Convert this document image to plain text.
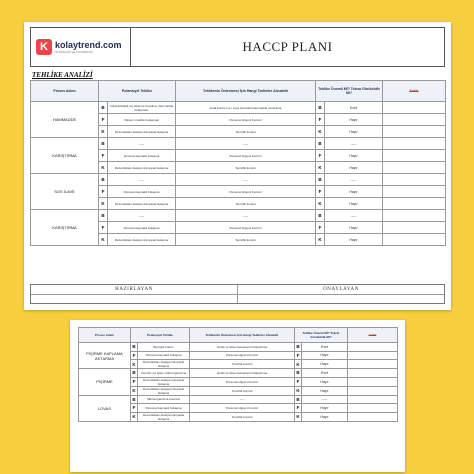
K kolaytrend.com
İŞ SAĞLIĞI VE GÜVENLİĞİ	HACCP PLANI
TEHLİKE ANALİZİ
Proses Adımı	Potansiyel Tehlike		Tehlikenin Önlenmesi İçin Hangi Tedbirler Alınabilir	Tehlike Önemli Mİ? Tekrar Görülebilir Mi?		Kritik
HAMMADDE	B	Yüksek/düşük ısıl etkisi ile bozulma, hammadde bulaşması	Gıda Kontrol ve / veya kontrollü hammadde sındırılma	B	Evet	
	F	Yabancı madde bulaşması	Personel Hijyeni Kontrol	F	Hayır	
	K	Dezenfektan deterjan kimyasal bulaşma	Temizlik kontrol	K	Hayır	
KARIŞTIRMA	B	-----	-----	B	-----	
	F	personel kaynaklı bulaşma	Personel Hijyeni Kontrol	F	Hayır	
	K	Dezenfektan deterjan kimyasal bulaşma	Temizlik kontrol	K	Hayır	
SOS İLAVE	B	-----	-----	B	-----	
	F	Personel kaynaklı bulaşma	Personel Hijyeni Kontrol	F	Hayır	
	K	Dezenfektan deterjan kimyasal bulaşma	Temizlik kontrol	K	Hayır	
KARIŞTIRMA	B	-----	-----	B	-----	
	F	Personel kaynaklı bulaşma	Personel Hijyeni Kontrol	F	Hayır	
	K	Dezenfektan deterjan kimyasal bulaşma	Temizlik kontrol	K	Hayır	
HAZIRLAYAN	ONAYLAYAN
Proses Adımı	Potansiyel Tehlike		Tehlikenin Önlenmesi İçin Hangi Tedbirler Alınabilir	Tehlike Önemli Mİ? Tekrar Görülebilir Mi?		Kritik
PİŞİRME KAPLAMA AKTARMA	B	Biyolojik üreme	Isıtılık ve ilave hassasiyet bulaştırılma	B	Evet	
	F	Personel kaynaklı bulaşma	Personel Hijyeni Kontrol	F	Hayır	
	K	Dezenfektan deterjan kimyasal bulaşma	Temizlik kontrol	K	Hayır	
PİŞİRME	B	Yetersiz ısıl işlem mikroorganizma	Isıtılık ve ilave hassasiyet bulaştırılma	B	Evet	
	F	Dezenfektan deterjan kimyasal bulaşma	Personel Hijyeni Kontrol	F	Hayır	
	K	Dezenfektan deterjan kimyasal bulaşma	Temizlik kontrol	K	Hayır	
LOVAS	B	Mikroorganizma üremesi	-----	B	-----	
	F	Personel kaynaklı bulaşma	Personel Hijyeni Kontrol	F	Hayır	
	K	Dezenfektan deterjan kimyasal bulaşma	Temizlik kontrol	K	Hayır	
